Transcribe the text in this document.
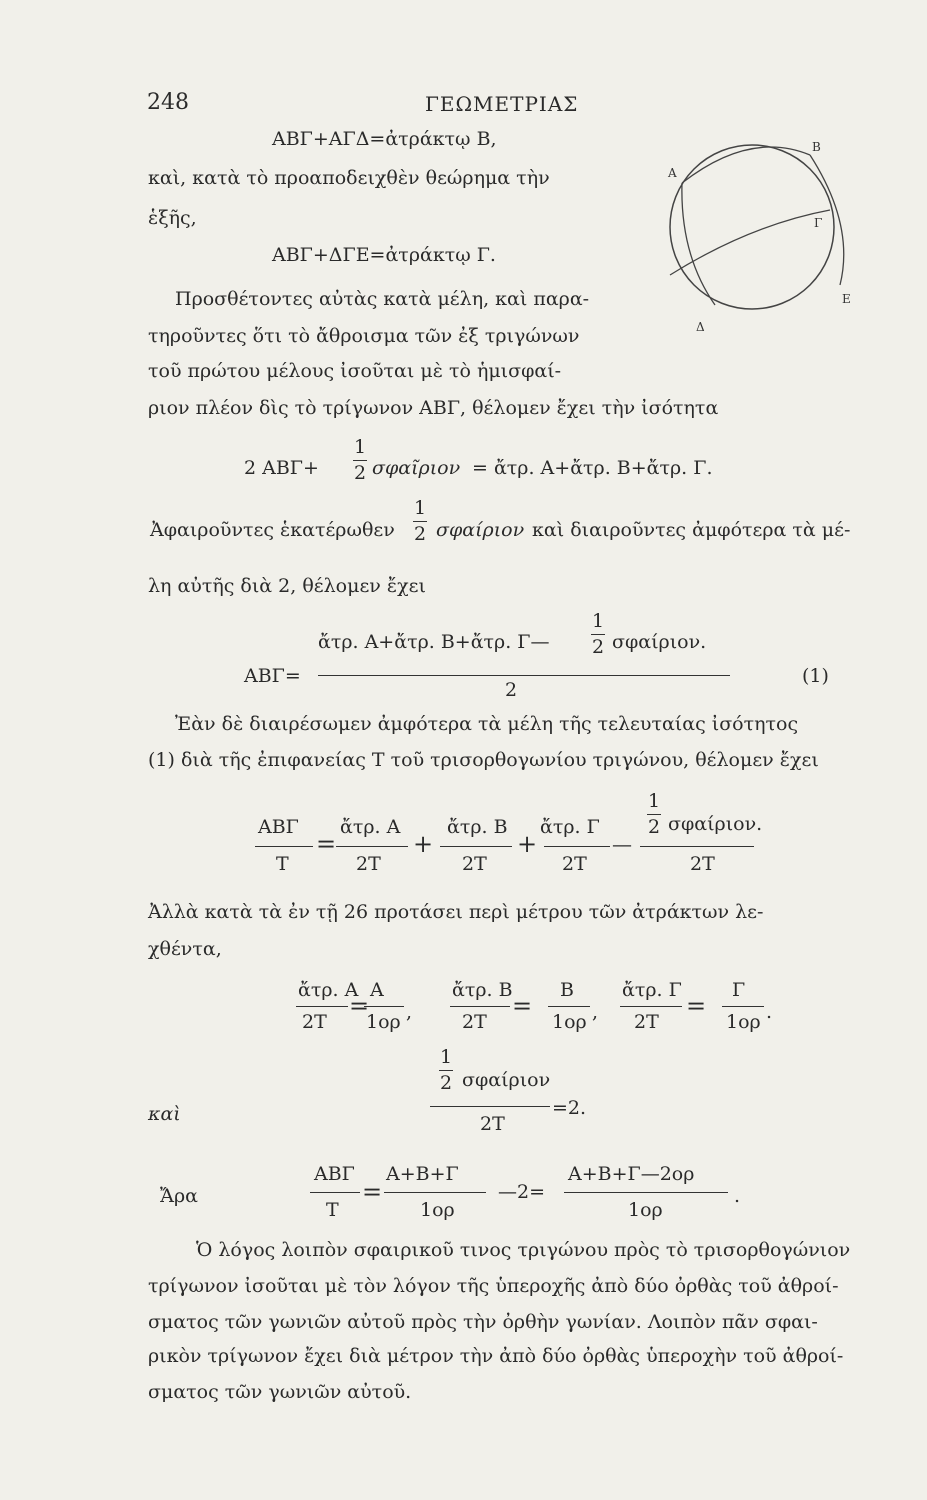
248	ΓΕΩΜΕΤΡΙΑΣ
Α
Β
Γ
Δ
Ε
ΑΒΓ+ΑΓΔ=ἀτράκτῳ Β,
καὶ, κατὰ τὸ προαποδειχθὲν θεώρημα τὴν
ἑξῆς,
ΑΒΓ+ΔΓΕ=ἀτράκτῳ Γ.
Προσθέτοντες αὐτὰς κατὰ μέλη, καὶ παρα-
τηροῦντες ὅτι τὸ ἄθροισμα τῶν ἐξ τριγώνων
τοῦ πρώτου μέλους ἰσοῦται μὲ τὸ ἡμισφαί-
ριον πλέον δὶς τὸ τρίγωνον ΑΒΓ, θέλομεν ἔχει τὴν ἰσότητα
2 ΑΒΓ+
1
2 σφαῖριον = ἄτρ. Α+ἄτρ. Β+ἄτρ. Γ.
Ἀφαιροῦντες ἑκατέρωθεν
1
2 σφαίριον καὶ διαιροῦντες ἀμφότερα τὰ μέ-
λη αὐτῆς διὰ 2, θέλομεν ἔχει
ἄτρ. Α+ἄτρ. Β+ἄτρ. Γ—
1
2 σφαίριον.
ΑΒΓ=
2
(1)
Ἐὰν δὲ διαιρέσωμεν ἀμφότερα τὰ μέλη τῆς τελευταίας ἰσότητος
(1) διὰ τῆς ἐπιφανείας Τ τοῦ τρισορθογωνίου τριγώνου, θέλομεν ἔχει
ΑΒΓ
Τ
=
ἄτρ. Α
2Τ
+
ἄτρ. Β
2Τ
+
ἄτρ. Γ
2Τ
—
1
2 σφαίριον.
2Τ
Ἀλλὰ κατὰ τὰ ἐν τῇ 26 προτάσει περὶ μέτρου τῶν ἀτράκτων λε-
χθέντα,
ἄτρ. Α
2Τ
=
Α
1ορ ,
ἄτρ. Β
2Τ
=
Β
1ορ ,
ἄτρ. Γ
2Τ
=
Γ
1ορ .
καὶ
1
2 σφαίριον
2Τ
=2.
Ἄρα
ΑΒΓ
Τ
=
Α+Β+Γ
1ορ
—2=
Α+Β+Γ—2ορ
1ορ
.
Ὁ λόγος λοιπὸν σφαιρικοῦ τινος τριγώνου πρὸς τὸ τρισορθογώνιον
τρίγωνον ἰσοῦται μὲ τὸν λόγον τῆς ὑπεροχῆς ἀπὸ δύο ὀρθὰς τοῦ ἀθροί-
σματος τῶν γωνιῶν αὐτοῦ πρὸς τὴν ὀρθὴν γωνίαν. Λοιπὸν πᾶν σφαι-
ρικὸν τρίγωνον ἔχει διὰ μέτρον τὴν ἀπὸ δύο ὀρθὰς ὑπεροχὴν τοῦ ἀθροί-
σματος τῶν γωνιῶν αὐτοῦ.
